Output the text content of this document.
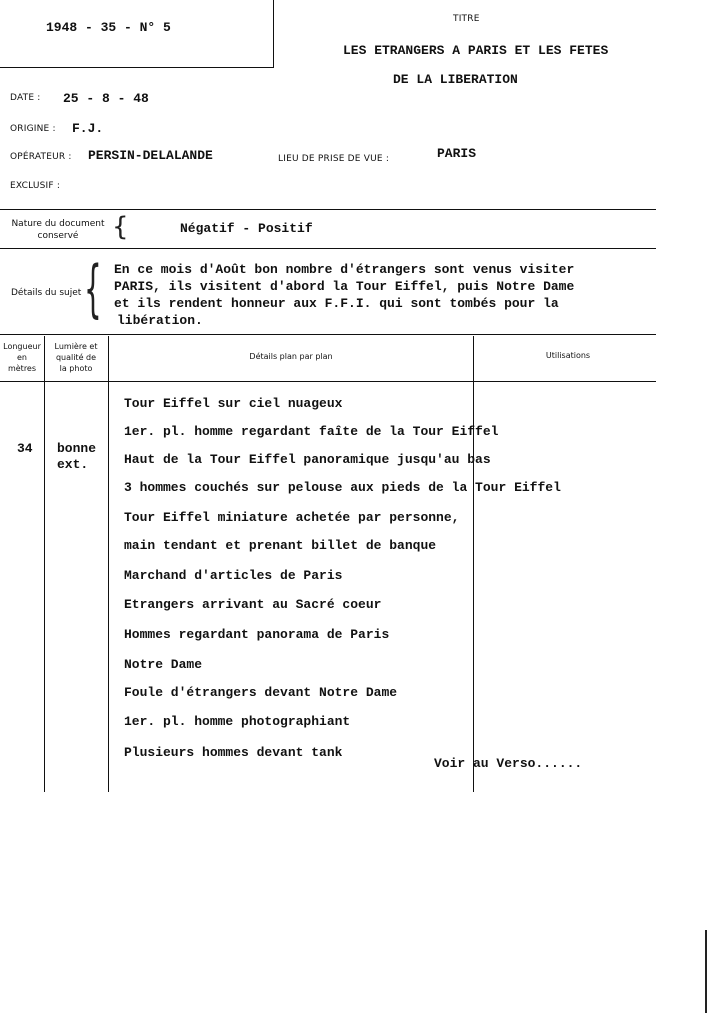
1948 - 35 - N° 5
TITRE
LES ETRANGERS A PARIS ET LES FETES
DE LA LIBERATION
DATE : 25 - 8 - 48
ORIGINE : F.J.
OPÉRATEUR : PERSIN-DELALANDE	LIEU DE PRISE DE VUE :	PARIS
EXCLUSIF :
Nature du document
conservé	{	Négatif - Positif
Détails du sujet { En ce mois d'Août bon nombre d'étrangers sont venus visiter
PARIS, ils visitent d'abord la Tour Eiffel, puis Notre Dame
et ils rendent honneur aux F.F.I. qui sont tombés pour la
libération.
Longueur
en
mètres
Lumière et
qualité de
la photo
Détails plan par plan	Utilisations
34 bonne
ext.
Tour Eiffel sur ciel nuageux
1er. pl. homme regardant faîte de la Tour Eiffel
Haut de la Tour Eiffel panoramique jusqu'au bas
3 hommes couchés sur pelouse aux pieds de la Tour Eiffel
Tour Eiffel miniature achetée par personne,
main tendant et prenant billet de banque
Marchand d'articles de Paris
Etrangers arrivant au Sacré coeur
Hommes regardant panorama de Paris
Notre Dame
Foule d'étrangers devant Notre Dame
1er. pl. homme photographiant
Plusieurs hommes devant tank
Voir au Verso......
